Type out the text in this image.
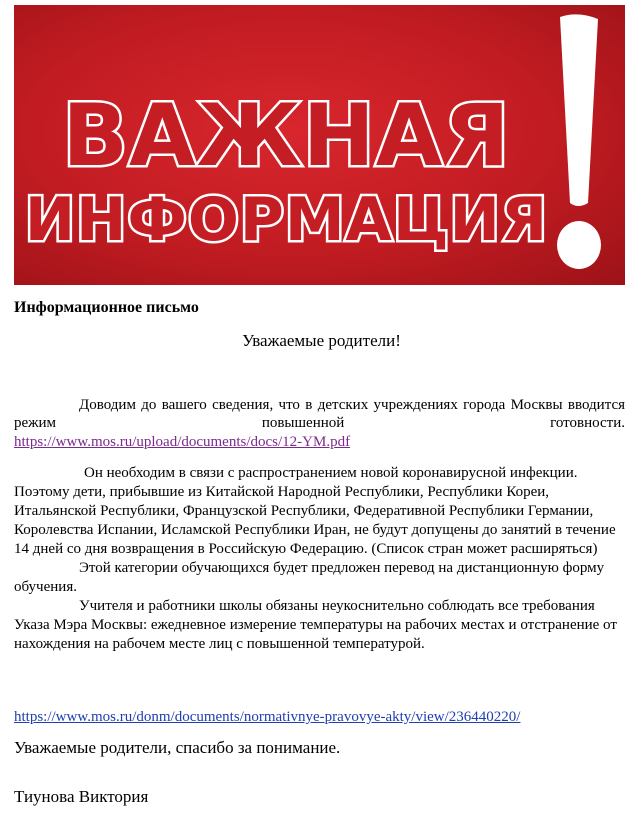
ВАЖНАЯ
ИНФОРМАЦИЯ
Информационное письмо
Уважаемые родители!

Доводим до вашего сведения, что в детских учреждениях города Москвы вводится режим повышенной готовности.

https://www.mos.ru/upload/documents/docs/12-YM.pdf

Он необходим в связи с распространением новой коронавирусной инфекции. Поэтому дети, прибывшие из Китайской Народной Республики, Республики Кореи, Итальянской Республики, Французской Республики, Федеративной Республики Германии, Королевства Испании, Исламской Республики Иран, не будут допущены до занятий в течение 14 дней со дня возвращения в Российскую Федерацию. (Список стран может расширяться)

Этой категории обучающихся будет предложен перевод на дистанционную форму обучения.

Учителя и работники школы обязаны неукоснительно соблюдать все требования Указа Мэра Москвы: ежедневное измерение температуры на рабочих местах и отстранение от нахождения на рабочем месте лиц с повышенной температурой.

https://www.mos.ru/donm/documents/normativnye-pravovye-akty/view/236440220/
Уважаемые родители, спасибо за понимание.
Тиунова Виктория
